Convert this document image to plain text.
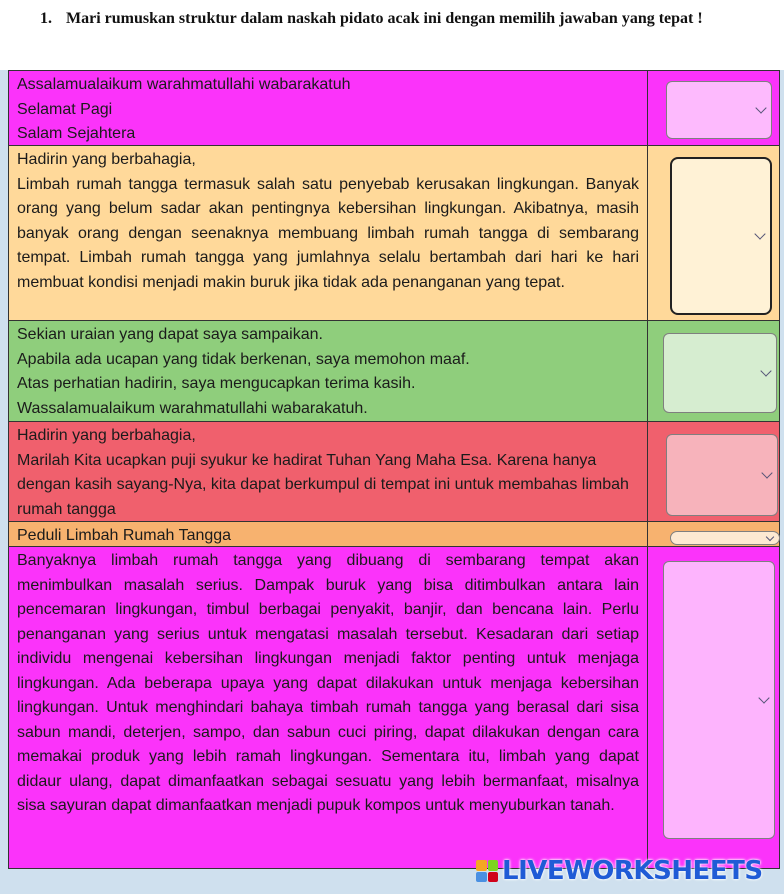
1. Mari rumuskan struktur dalam naskah pidato acak ini dengan memilih jawaban yang tepat !

Assalamualaikum warahmatullahi wabarakatuh

Selamat Pagi

Salam Sejahtera

Hadirin yang berbahagia,

Limbah rumah tangga termasuk salah satu penyebab kerusakan lingkungan. Banyak orang yang belum sadar akan pentingnya kebersihan lingkungan. Akibatnya, masih banyak orang dengan seenaknya membuang limbah rumah tangga di sembarang tempat. Limbah rumah tangga yang jumlahnya selalu bertambah dari hari ke hari membuat kondisi menjadi makin buruk jika tidak ada penanganan yang tepat.

Sekian uraian yang dapat saya sampaikan.

Apabila ada ucapan yang tidak berkenan, saya memohon maaf.

Atas perhatian hadirin, saya mengucapkan terima kasih.

Wassalamualaikum warahmatullahi wabarakatuh.

Hadirin yang berbahagia,

Marilah Kita ucapkan puji syukur ke hadirat Tuhan Yang Maha Esa. Karena hanya dengan kasih sayang-Nya, kita dapat berkumpul di tempat ini untuk membahas limbah rumah tangga

Peduli Limbah Rumah Tangga

Banyaknya limbah rumah tangga yang dibuang di sembarang tempat akan menimbulkan masalah serius. Dampak buruk yang bisa ditimbulkan antara lain pencemaran lingkungan, timbul berbagai penyakit, banjir, dan bencana lain. Perlu penanganan yang serius untuk mengatasi masalah tersebut. Kesadaran dari setiap individu mengenai kebersihan lingkungan menjadi faktor penting untuk menjaga lingkungan. Ada beberapa upaya yang dapat dilakukan untuk menjaga kebersihan lingkungan. Untuk menghindari bahaya timbah rumah tangga yang berasal dari sisa sabun mandi, deterjen, sampo, dan sabun cuci piring, dapat dilakukan dengan cara memakai produk yang lebih ramah lingkungan. Sementara itu, limbah yang dapat didaur ulang, dapat dimanfaatkan sebagai sesuatu yang lebih bermanfaat, misalnya sisa sayuran dapat dimanfaatkan menjadi pupuk kompos untuk menyuburkan tanah.

LIVEWORKSHEETS
